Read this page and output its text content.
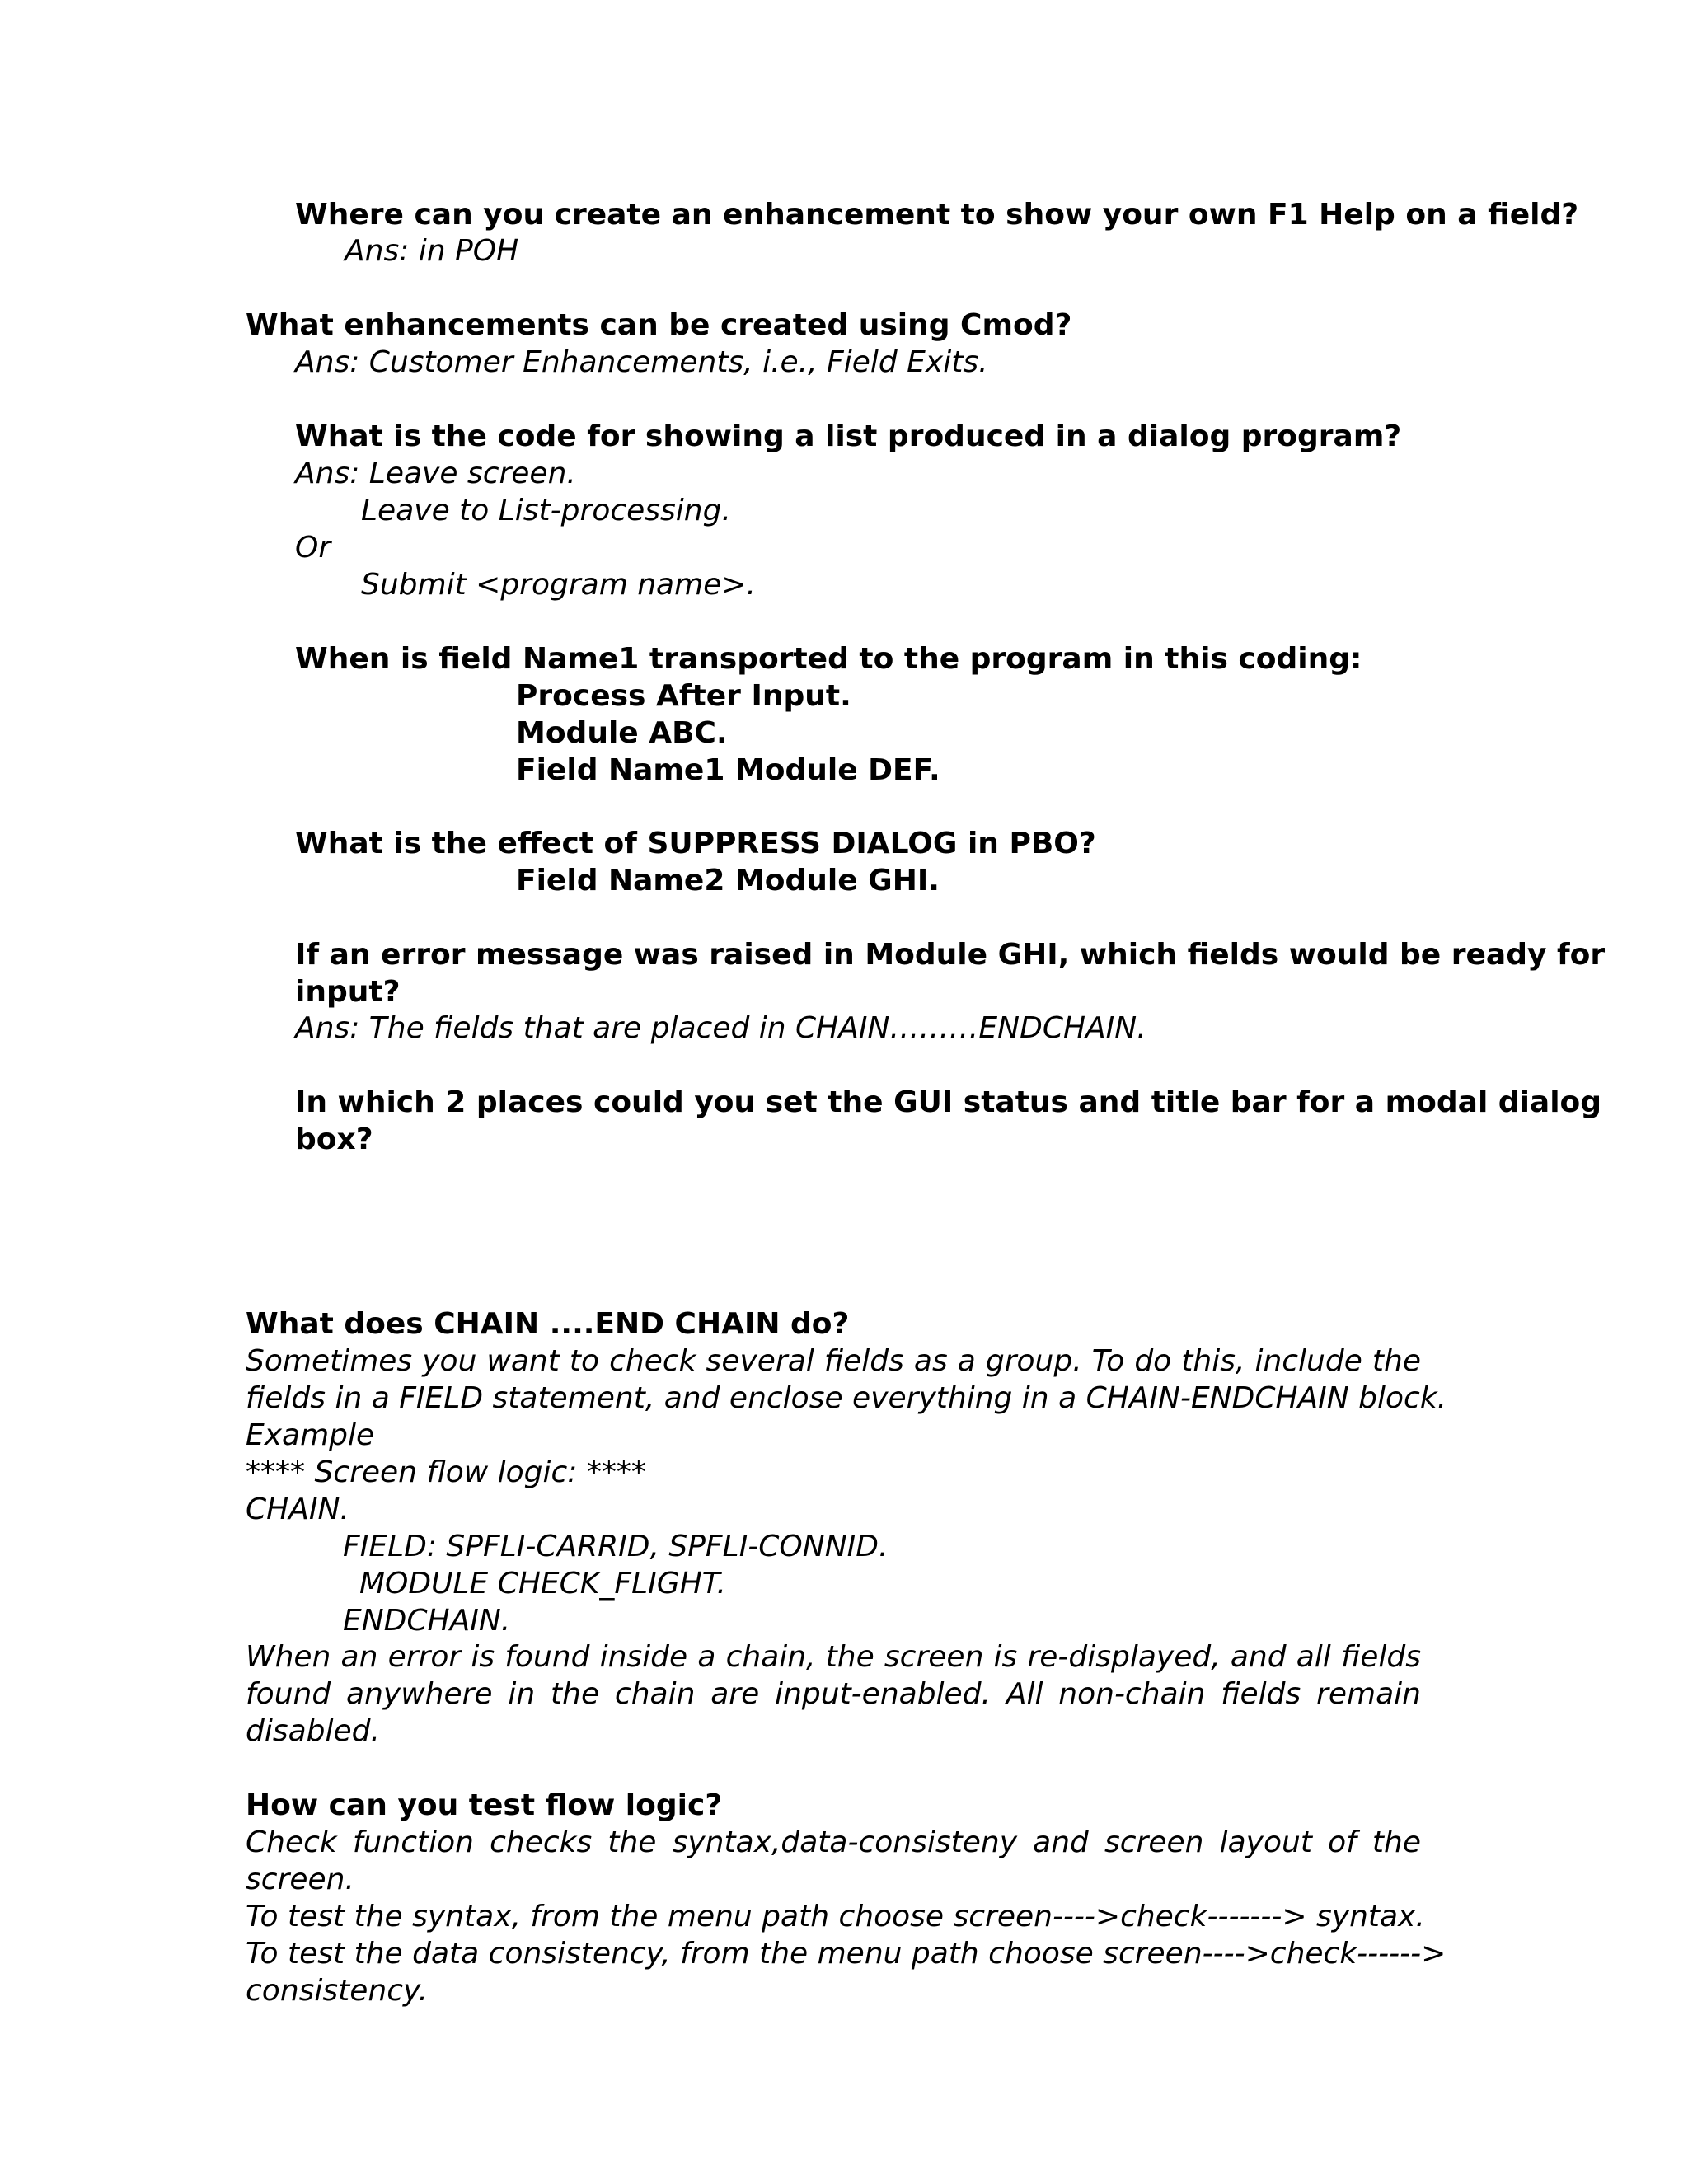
Where can you create an enhancement to show your own F1 Help on a field?
Ans: in POH
What enhancements can be created using Cmod?
Ans: Customer Enhancements, i.e., Field Exits.
What is the code for showing a list produced in a dialog program?
Ans: Leave screen.
Leave to List-processing.
Or
Submit <program name>.
When is field Name1 transported to the program in this coding:
Process After Input.
Module ABC.
Field Name1 Module DEF.
What is the effect of SUPPRESS DIALOG in PBO?
Field Name2 Module GHI.
If an error message was raised in Module GHI, which fields would be ready for
input?
Ans: The fields that are placed in CHAIN………ENDCHAIN.
In which 2 places could you set the GUI status and title bar for a modal dialog
box?
What does CHAIN ....END CHAIN do?
Sometimes you want to check several fields as a group. To do this, include the
fields in a FIELD statement, and enclose everything in a CHAIN-ENDCHAIN block.
Example
**** Screen flow logic: ****
CHAIN.
FIELD: SPFLI-CARRID, SPFLI-CONNID.
MODULE CHECK_FLIGHT.
ENDCHAIN.
When an error is found inside a chain, the screen is re-displayed, and all fields
found anywhere in the chain are input-enabled. All non-chain fields remain
disabled.
How can you test flow logic?
Check function checks the syntax,data-consisteny and screen layout of the
screen.
To test the syntax, from the menu path choose screen---->check-------> syntax.
To test the data consistency, from the menu path choose screen---->check------>
consistency.
